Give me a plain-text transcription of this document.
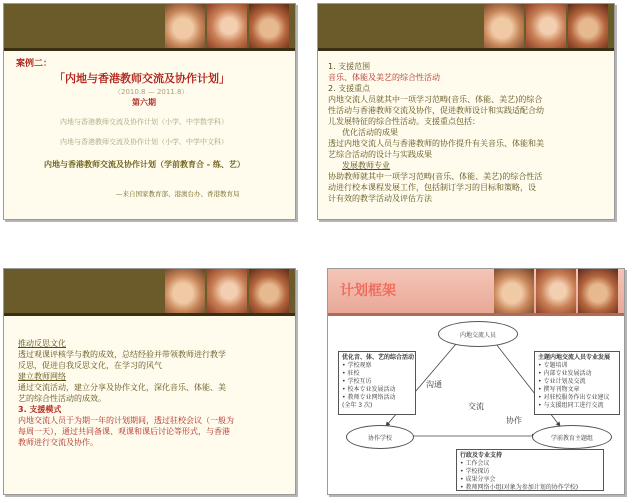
案例二：
「内地与香港教师交流及协作计划」
（2010.8 — 2011.8）
第六期
内地与香港教师交流及协作计划（小学、中学数学科）
内地与香港教师交流及协作计划（小学、中学中文科）
内地与香港教师交流及协作计划（学前教育合 - 练、艺）
—来自国家教育部、港澳台办、香港教育局
1. 支援范围
音乐、体能及美艺的综合性活动
2. 支援重点
内地交流人员就其中一项学习范畴(音乐、体能、美艺)的综合
性活动与香港教师交流及协作，促进教师设计和实践适配合幼
儿发展特征的综合性活动。支援重点包括：
优化活动的成果
透过内地交流人员与香港教师的协作提升有关音乐、体能和美
艺综合活动的设计与实践成果
发展教师专业
协助教师就其中一项学习范畴(音乐、体能、美艺)的综合性活
动进行校本课程发展工作，包括制订学习的目标和策略，设
计有效的教学活动及评估方法
推动反思文化
透过观课评核学与教的成效，总结经验并带领教师进行教学
反思，促进自我反思文化，在学习的风气
建立教师网络
通过交流活动，建立分享及协作文化，深化音乐、体能、美
艺的综合性活动的成效。
3. 支援模式
内地交流人员于为期一年的计划期间，透过驻校会议（一般为
每周一天），通过共同备课、观课和课后讨论等形式，与香港
教师进行交流及协作。
计划框架
内地交流人员
协作学校	学前教育主题组
沟通
交流
协作
优化音、体、艺的综合活动
• 学校观察
• 驻校
• 学校互访
• 校本专业发展活动
• 教师专业网络活动
(全年 3 次)
主题内地交流人员专业发展
• 专题培训
• 内部专业发展活动
• 专业计划及交流
• 撰写刊物文章
• 对驻校服务作出专业建议
• 与支援组同工进行交流
行政及专业支持
• 工作会议
• 学校探访
• 成果分享会
• 教师网络小组(对象为参加计划的协作学校)
